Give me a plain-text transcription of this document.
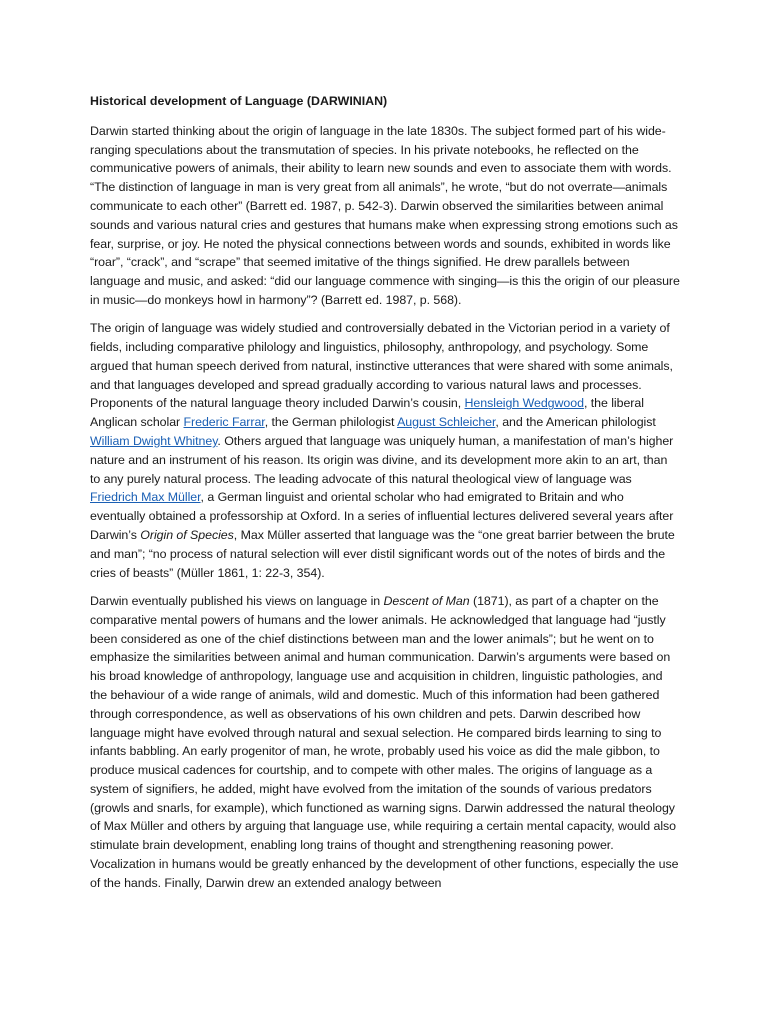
Historical development of Language (DARWINIAN)

Darwin started thinking about the origin of language in the late 1830s. The subject formed part of his wide-ranging speculations about the transmutation of species. In his private notebooks, he reflected on the communicative powers of animals, their ability to learn new sounds and even to associate them with words. “The distinction of language in man is very great from all animals”, he wrote, “but do not overrate—animals communicate to each other” (Barrett ed. 1987, p. 542-3). Darwin observed the similarities between animal sounds and various natural cries and gestures that humans make when expressing strong emotions such as fear, surprise, or joy. He noted the physical connections between words and sounds, exhibited in words like “roar”, “crack”, and “scrape” that seemed imitative of the things signified. He drew parallels between language and music, and asked: “did our language commence with singing—is this the origin of our pleasure in music—do monkeys howl in harmony”? (Barrett ed. 1987, p. 568).

The origin of language was widely studied and controversially debated in the Victorian period in a variety of fields, including comparative philology and linguistics, philosophy, anthropology, and psychology. Some argued that human speech derived from natural, instinctive utterances that were shared with some animals, and that languages developed and spread gradually according to various natural laws and processes. Proponents of the natural language theory included Darwin’s cousin, Hensleigh Wedgwood, the liberal Anglican scholar Frederic Farrar, the German philologist August Schleicher, and the American philologist William Dwight Whitney. Others argued that language was uniquely human, a manifestation of man’s higher nature and an instrument of his reason. Its origin was divine, and its development more akin to an art, than to any purely natural process. The leading advocate of this natural theological view of language was Friedrich Max Müller, a German linguist and oriental scholar who had emigrated to Britain and who eventually obtained a professorship at Oxford. In a series of influential lectures delivered several years after Darwin’s Origin of Species, Max Müller asserted that language was the “one great barrier between the brute and man”; “no process of natural selection will ever distil significant words out of the notes of birds and the cries of beasts” (Müller 1861, 1: 22-3, 354).

Darwin eventually published his views on language in Descent of Man (1871), as part of a chapter on the comparative mental powers of humans and the lower animals. He acknowledged that language had “justly been considered as one of the chief distinctions between man and the lower animals”; but he went on to emphasize the similarities between animal and human communication. Darwin’s arguments were based on his broad knowledge of anthropology, language use and acquisition in children, linguistic pathologies, and the behaviour of a wide range of animals, wild and domestic. Much of this information had been gathered through correspondence, as well as observations of his own children and pets. Darwin described how language might have evolved through natural and sexual selection. He compared birds learning to sing to infants babbling. An early progenitor of man, he wrote, probably used his voice as did the male gibbon, to produce musical cadences for courtship, and to compete with other males. The origins of language as a system of signifiers, he added, might have evolved from the imitation of the sounds of various predators (growls and snarls, for example), which functioned as warning signs. Darwin addressed the natural theology of Max Müller and others by arguing that language use, while requiring a certain mental capacity, would also stimulate brain development, enabling long trains of thought and strengthening reasoning power. Vocalization in humans would be greatly enhanced by the development of other functions, especially the use of the hands. Finally, Darwin drew an extended analogy between
